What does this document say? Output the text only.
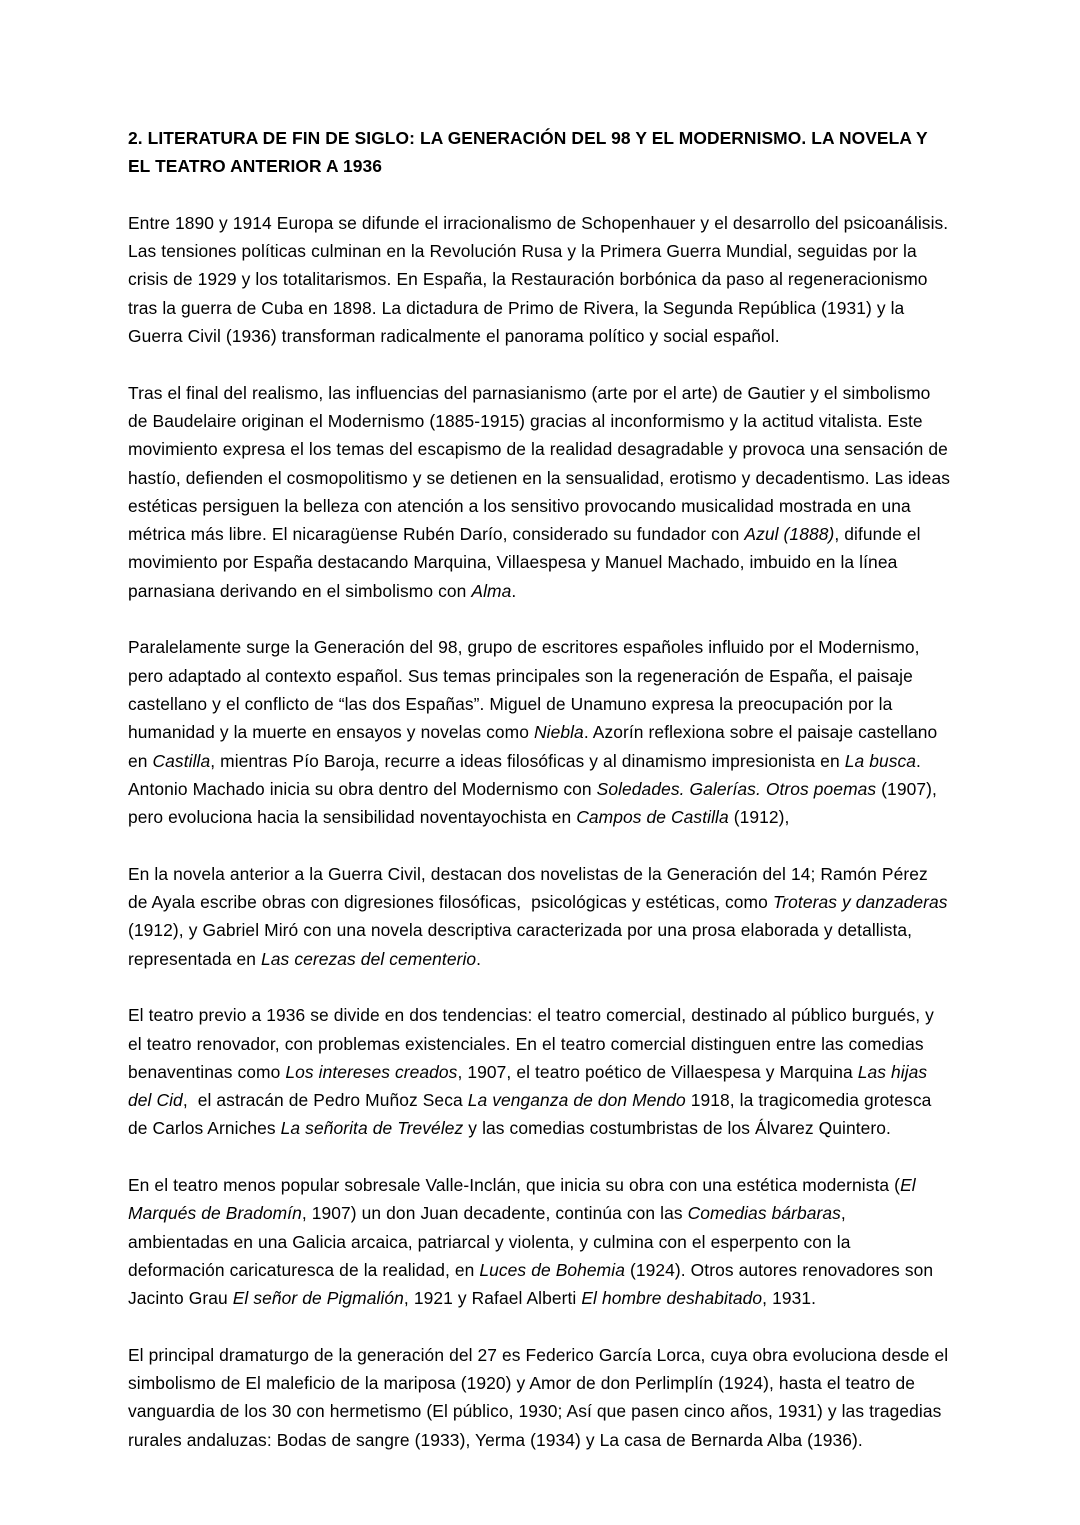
2. LITERATURA DE FIN DE SIGLO: LA GENERACIÓN DEL 98 Y EL MODERNISMO. LA NOVELA Y EL TEATRO ANTERIOR A 1936

Entre 1890 y 1914 Europa se difunde el irracionalismo de Schopenhauer y el desarrollo del psicoanálisis. Las tensiones políticas culminan en la Revolución Rusa y la Primera Guerra Mundial, seguidas por la crisis de 1929 y los totalitarismos. En España, la Restauración borbónica da paso al regeneracionismo tras la guerra de Cuba en 1898. La dictadura de Primo de Rivera, la Segunda República (1931) y la Guerra Civil (1936) transforman radicalmente el panorama político y social español.

Tras el final del realismo, las influencias del parnasianismo (arte por el arte) de Gautier y el simbolismo de Baudelaire originan el Modernismo (1885-1915) gracias al inconformismo y la actitud vitalista. Este movimiento expresa el los temas del escapismo de la realidad desagradable y provoca una sensación de hastío, defienden el cosmopolitismo y se detienen en la sensualidad, erotismo y decadentismo. Las ideas estéticas persiguen la belleza con atención a los sensitivo provocando musicalidad mostrada en una métrica más libre. El nicaragüense Rubén Darío, considerado su fundador con Azul (1888), difunde el movimiento por España destacando Marquina, Villaespesa y Manuel Machado, imbuido en la línea parnasiana derivando en el simbolismo con Alma.

Paralelamente surge la Generación del 98, grupo de escritores españoles influido por el Modernismo, pero adaptado al contexto español. Sus temas principales son la regeneración de España, el paisaje castellano y el conflicto de “las dos Españas”. Miguel de Unamuno expresa la preocupación por la humanidad y la muerte en ensayos y novelas como Niebla. Azorín reflexiona sobre el paisaje castellano en Castilla, mientras Pío Baroja, recurre a ideas filosóficas y al dinamismo impresionista en La busca. Antonio Machado inicia su obra dentro del Modernismo con Soledades. Galerías. Otros poemas (1907), pero evoluciona hacia la sensibilidad noventayochista en Campos de Castilla (1912),

En la novela anterior a la Guerra Civil, destacan dos novelistas de la Generación del 14; Ramón Pérez de Ayala escribe obras con digresiones filosóficas,  psicológicas y estéticas, como Troteras y danzaderas (1912), y Gabriel Miró con una novela descriptiva caracterizada por una prosa elaborada y detallista, representada en Las cerezas del cementerio.

El teatro previo a 1936 se divide en dos tendencias: el teatro comercial, destinado al público burgués, y el teatro renovador, con problemas existenciales. En el teatro comercial distinguen entre las comedias benaventinas como Los intereses creados, 1907, el teatro poético de Villaespesa y Marquina Las hijas del Cid,  el astracán de Pedro Muñoz Seca La venganza de don Mendo 1918, la tragicomedia grotesca de Carlos Arniches La señorita de Trevélez y las comedias costumbristas de los Álvarez Quintero.

En el teatro menos popular sobresale Valle-Inclán, que inicia su obra con una estética modernista (El Marqués de Bradomín, 1907) un don Juan decadente, continúa con las Comedias bárbaras, ambientadas en una Galicia arcaica, patriarcal y violenta, y culmina con el esperpento con la deformación caricaturesca de la realidad, en Luces de Bohemia (1924). Otros autores renovadores son Jacinto Grau El señor de Pigmalión, 1921 y Rafael Alberti El hombre deshabitado, 1931.

El principal dramaturgo de la generación del 27 es Federico García Lorca, cuya obra evoluciona desde el simbolismo de El maleficio de la mariposa (1920) y Amor de don Perlimplín (1924), hasta el teatro de vanguardia de los 30 con hermetismo (El público, 1930; Así que pasen cinco años, 1931) y las tragedias rurales andaluzas: Bodas de sangre (1933), Yerma (1934) y La casa de Bernarda Alba (1936).
